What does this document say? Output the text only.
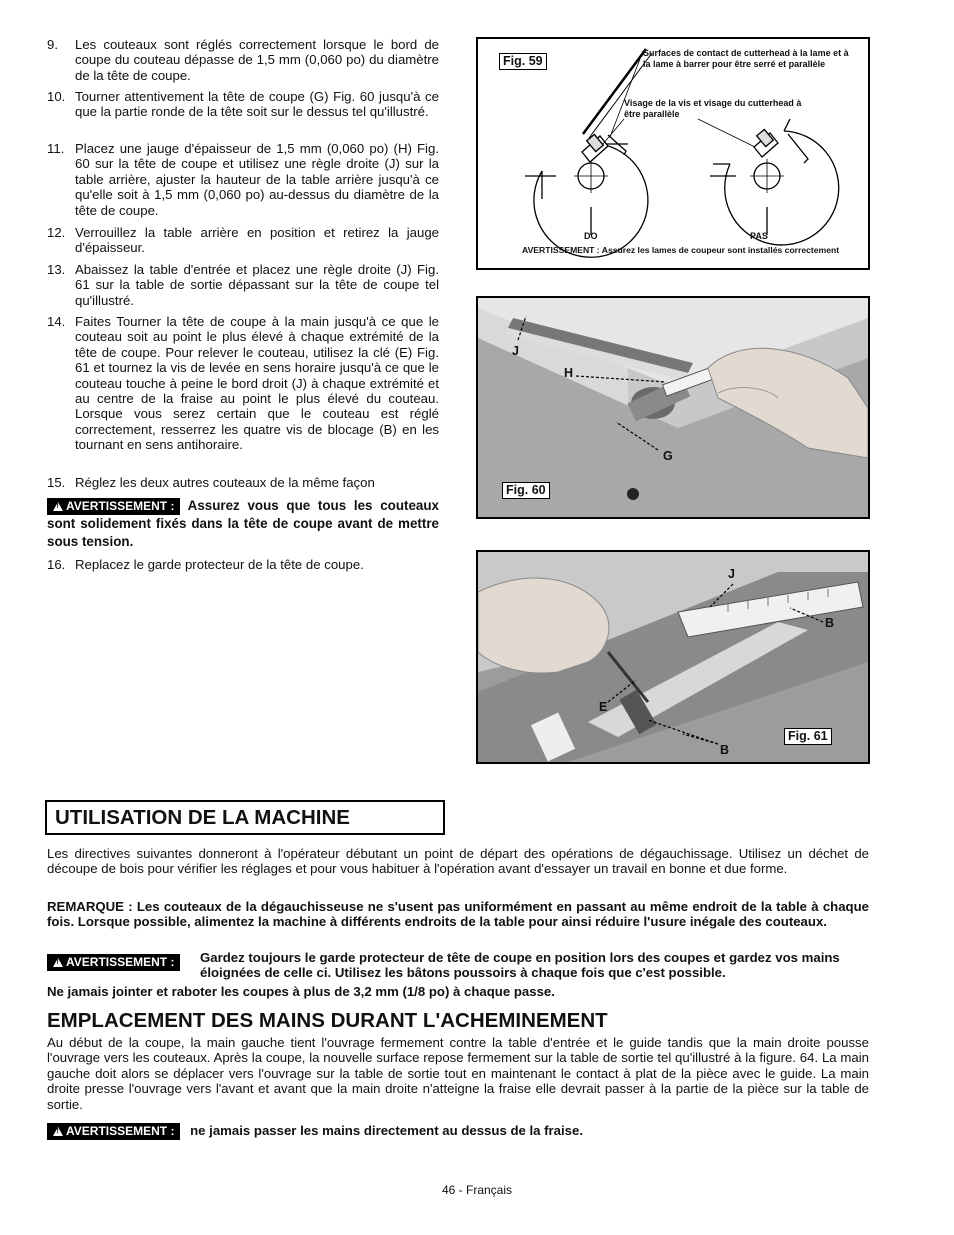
9. Les couteaux sont réglés correctement lorsque le bord de coupe du couteau dépasse de 1,5 mm (0,060 po) du diamètre de la tête de coupe.
10. Tourner attentivement la tête de coupe (G) Fig. 60 jusqu'à ce que la partie ronde de la tête soit sur le dessus tel qu'illustré.
11. Placez une jauge d'épaisseur de 1,5 mm (0,060 po) (H) Fig. 60 sur la tête de coupe et utilisez une règle droite (J) sur la table arrière, ajuster la hauteur de la table arrière jusqu'à ce qu'elle soit à 1,5 mm (0,060 po) au-dessus du diamètre de la tête de coupe.
12. Verrouillez la table arrière en position et retirez la jauge d'épaisseur.
13. Abaissez la table d'entrée et placez une règle droite (J) Fig. 61 sur la table de sortie dépassant sur la tête de coupe tel qu'illustré.
14. Faites Tourner la tête de coupe à la main jusqu'à ce que le couteau soit au point le plus élevé à chaque extrémité de la tête de coupe. Pour relever le couteau, utilisez la clé (E) Fig. 61 et tournez la vis de levée en sens horaire jusqu'à ce que le couteau touche à peine le bord droit (J) à chaque extrémité et au centre de la fraise au point le plus élevé du couteau. Lorsque vous serez certain que le couteau est réglé correctement, resserrez les quatre vis de blocage (B) en les tournant en sens antihoraire.
15. Réglez les deux autres couteaux de la même façon
!AVERTISSEMENT : Assurez vous que tous les couteaux sont solidement fixés dans la tête de coupe avant de mettre sous tension.
16. Replacez le garde protecteur de la tête de coupe.
Fig. 59
Surfaces de contact de cutterhead à la lame et à la lame à barrer pour être serré et parallèle
Visage de la vis et visage du cutterhead à être parallèle
DO	PAS
AVERTISSEMENT : Assurez les lames de coupeur sont installés correctement
J
H
G
Fig. 60
J
B
E
B
Fig. 61
UTILISATION DE LA MACHINE
Les directives suivantes donneront à l'opérateur débutant un point de départ des opérations de dégauchissage. Utilisez un déchet de découpe de bois pour vérifier les réglages et pour vous habituer à l'opération avant d'essayer un travail en bonne et due forme.
REMARQUE : Les couteaux de la dégauchisseuse ne s'usent pas uniformément en passant au même endroit de la table à chaque fois. Lorsque possible, alimentez la machine à différents endroits de la table pour ainsi réduire l'usure inégale des couteaux.
!AVERTISSEMENT :	Gardez toujours le garde protecteur de tête de coupe en position lors des coupes et gardez vos mains éloignées de celle ci. Utilisez les bâtons poussoirs à chaque fois que c'est possible.
Ne jamais jointer et raboter les coupes à plus de 3,2 mm (1/8 po) à chaque passe.
EMPLACEMENT DES MAINS DURANT L'ACHEMINEMENT
Au début de la coupe, la main gauche tient l'ouvrage fermement contre la table d'entrée et le guide tandis que la main droite pousse l'ouvrage vers les couteaux. Après la coupe, la nouvelle surface repose fermement sur la table de sortie tel qu'illustré à la figure. 64. La main gauche doit alors se déplacer vers l'ouvrage sur la table de sortie tout en maintenant le contact à plat de la pièce avec le guide. La main droite presse l'ouvrage vers l'avant et avant que la main droite n'atteigne la fraise elle devrait passer à la partie de la pièce sur la table de sortie.
!AVERTISSEMENT : ne jamais passer les mains directement au dessus de la fraise.
46 - Français
